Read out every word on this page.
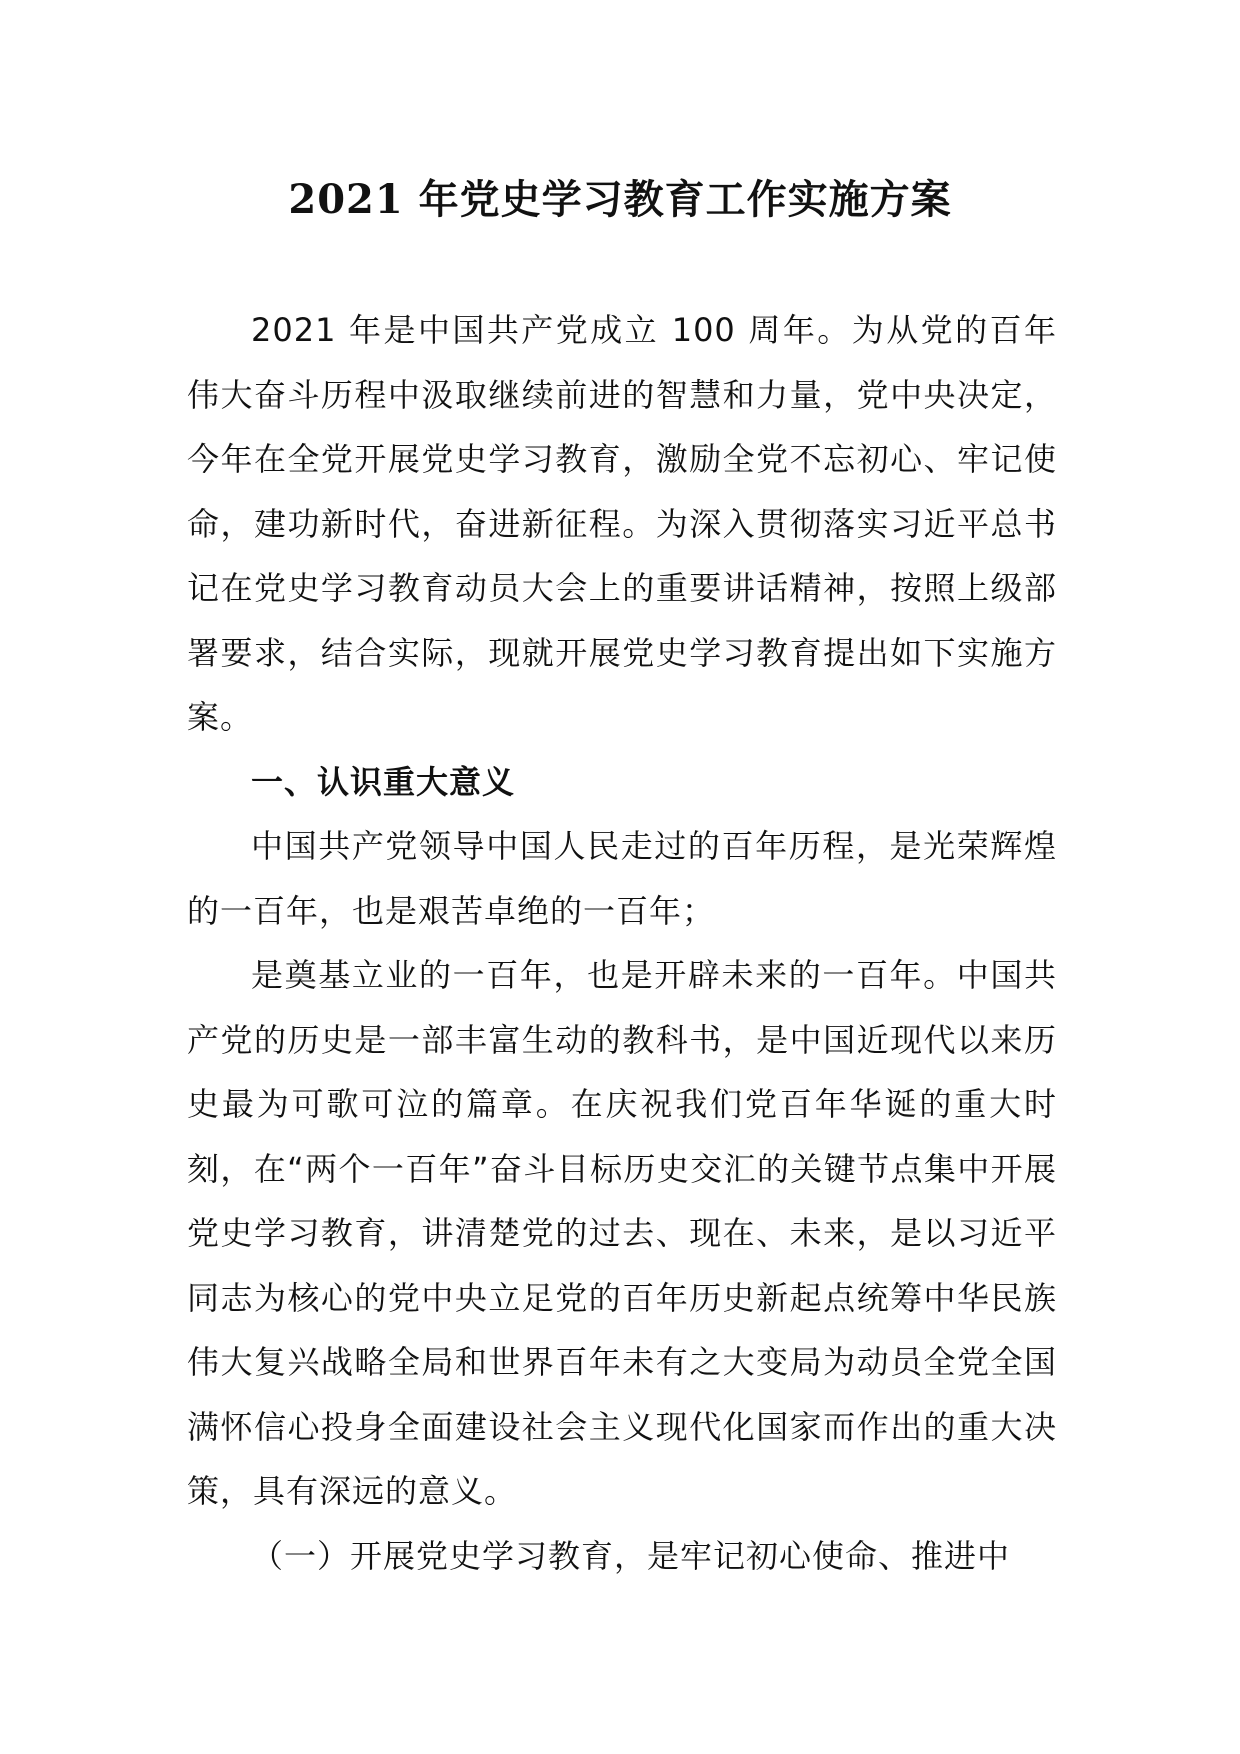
2021 年党史学习教育工作实施方案

2021 年是中国共产党成立 100 周年。为从党的百年伟大奋斗历程中汲取继续前进的智慧和力量，党中央决定，今年在全党开展党史学习教育，激励全党不忘初心、牢记使命，建功新时代，奋进新征程。为深入贯彻落实习近平总书记在党史学习教育动员大会上的重要讲话精神，按照上级部署要求，结合实际，现就开展党史学习教育提出如下实施方案。

一、认识重大意义

中国共产党领导中国人民走过的百年历程，是光荣辉煌的一百年，也是艰苦卓绝的一百年；

是奠基立业的一百年，也是开辟未来的一百年。中国共产党的历史是一部丰富生动的教科书，是中国近现代以来历史最为可歌可泣的篇章。在庆祝我们党百年华诞的重大时刻，在“两个一百年”奋斗目标历史交汇的关键节点集中开展党史学习教育，讲清楚党的过去、现在、未来，是以习近平同志为核心的党中央立足党的百年历史新起点统筹中华民族伟大复兴战略全局和世界百年未有之大变局为动员全党全国满怀信心投身全面建设社会主义现代化国家而作出的重大决策，具有深远的意义。

（一）开展党史学习教育，是牢记初心使命、推进中
